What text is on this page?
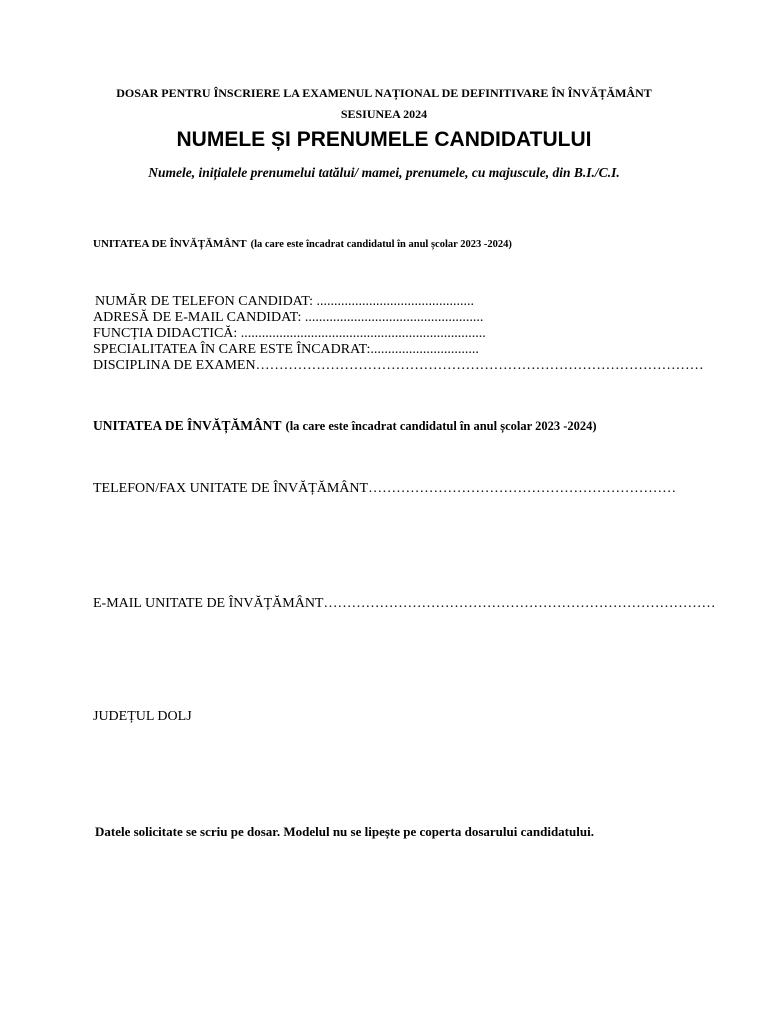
DOSAR PENTRU ÎNSCRIERE LA EXAMENUL NAȚIONAL DE DEFINITIVARE ÎN ÎNVĂȚĂMÂNT
SESIUNEA 2024
NUMELE ȘI PRENUMELE CANDIDATULUI
Numele, inițialele prenumelui tatălui/ mamei, prenumele, cu majuscule, din B.I./C.I.
UNITATEA DE ÎNVĂȚĂMÂNT (la care este încadrat candidatul în anul școlar 2023 -2024)
NUMĂR DE TELEFON CANDIDAT: .............................................
ADRESĂ DE E-MAIL CANDIDAT: ...................................................
FUNCȚIA DIDACTICĂ: ......................................................................
SPECIALITATEA ÎN CARE ESTE ÎNCADRAT:...............................
DISCIPLINA DE EXAMEN……………………………………………………………………………………
UNITATEA DE ÎNVĂȚĂMÂNT (la care este încadrat candidatul în anul școlar 2023 -2024)
TELEFON/FAX UNITATE DE ÎNVĂȚĂMÂNT…………………………………………………………
E-MAIL UNITATE DE ÎNVĂȚĂMÂNT…………………………………………………………………………
JUDEȚUL DOLJ
Datele solicitate se scriu pe dosar. Modelul nu se lipește pe coperta dosarului candidatului.
